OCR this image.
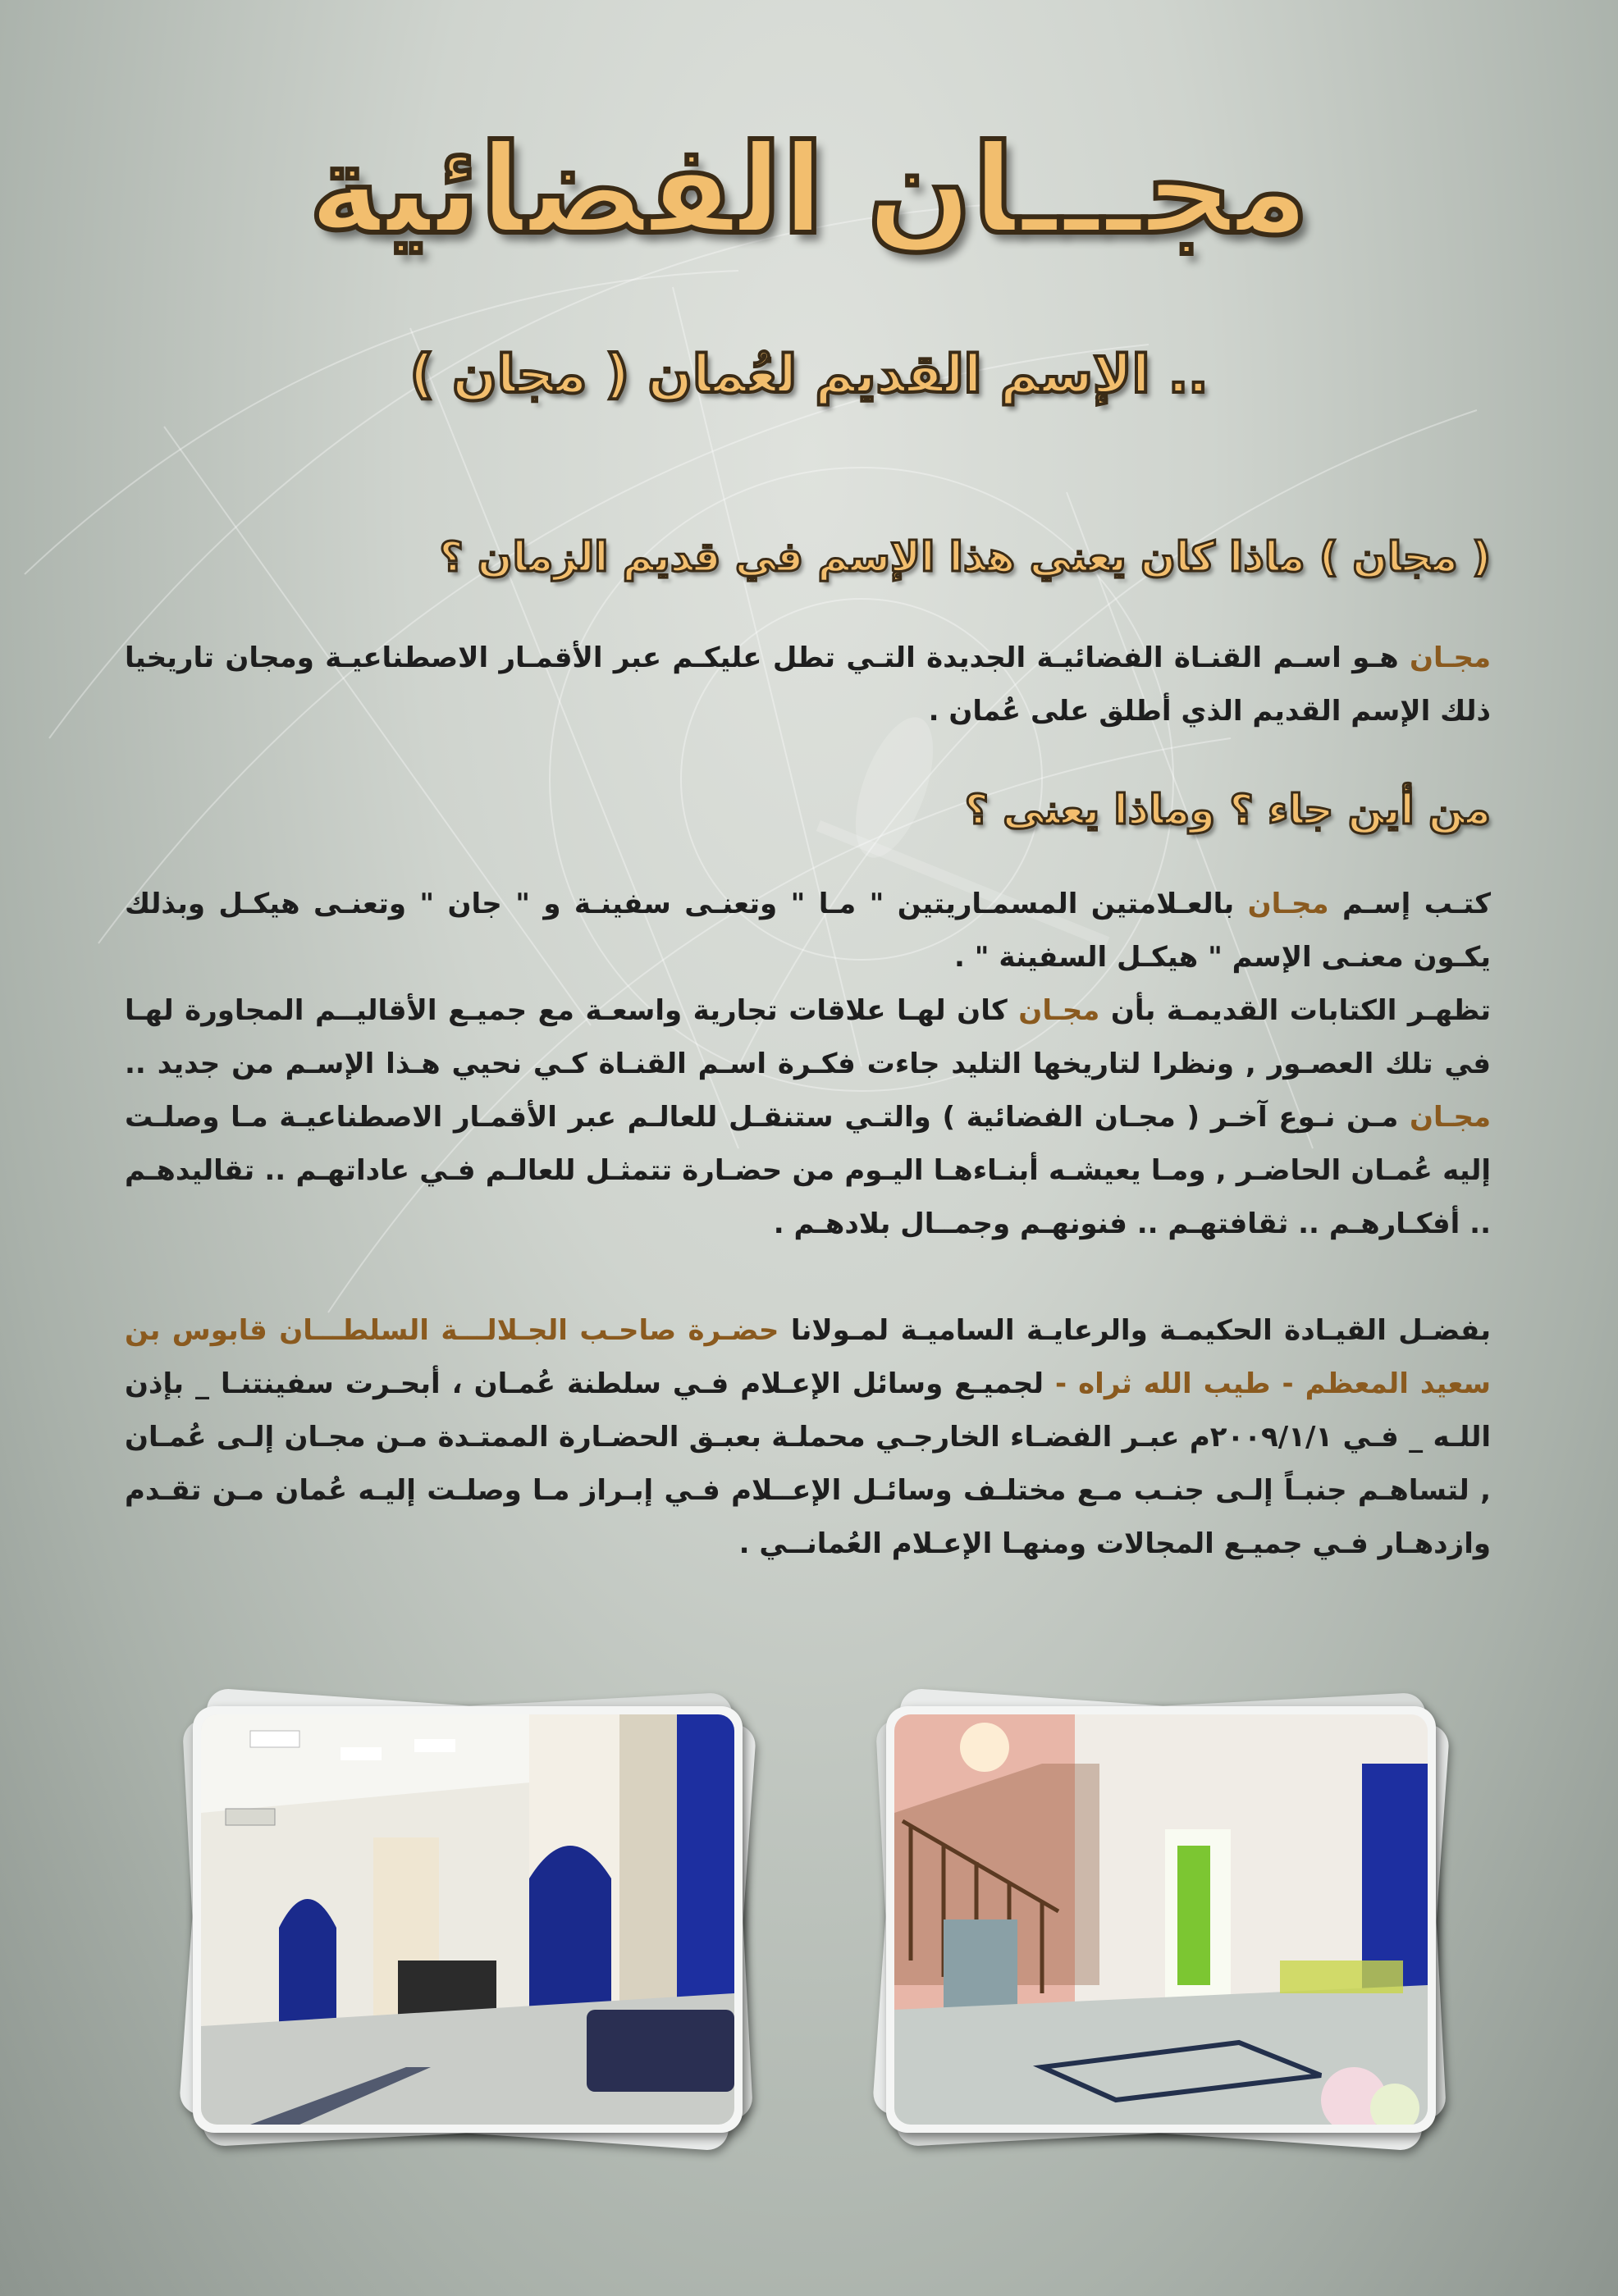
مجـــان الفضائية
( مجان ) الإسم القديم لعُمان ..
( مجان ) ماذا كان يعني هذا الإسم في قديم الزمان ؟
مجـان هـو اسـم القنـاة الفضائيـة الجديدة التـي تطل عليكـم عبر الأقمـار الاصطناعيـة ومجان تاريخيا ذلك الإسم القديم الذي أطلق على عُمان .
من أين جاء ؟ وماذا يعنى ؟
كتـب إسـم مجـان بالعـلامتين المسمـاريتين " مـا " وتعنـى سفينـة و " جان " وتعنـى هيكـل وبذلك يكـون معنـى الإسم " هيكـل السفينة " .
تظهـر الكتابات القديمـة بأن مجـان كان لهـا علاقات تجارية واسعـة مع جميـع الأقاليــم المجاورة لهـا في تلك العصـور , ونظرا لتاريخها التليد جاءت فكـرة اسـم القنـاة كـي نحيي هـذا الإسـم من جديد .. مجـان مـن نـوع آخـر ( مجـان الفضائية ) والتـي ستنقـل للعالـم عبر الأقمـار الاصطناعيـة مـا وصلـت إليه عُمـان الحاضـر , ومـا يعيشـه أبنـاءهـا اليـوم من حضـارة تتمثـل للعالـم فـي عاداتهـم .. تقاليدهـم .. أفكـارهـم .. ثقافتهـم .. فنونهـم وجمــال بلادهـم .
بفضـل القيـادة الحكيمـة والرعايـة الساميـة لمـولانا حضـرة صاحـب الجـلالـــة السلطـــان قابوس بن سعيد المعظم - طيب الله ثراه - لجميـع وسائل الإعـلام فـي سلطنة عُمـان ، أبحـرت سفينتنـا _ بإذن اللـه _ فـي ٢٠٠٩/١/١م عبـر الفضـاء الخارجـي محملـة بعبـق الحضـارة الممتـدة مـن مجـان إلـى عُمـان , لتساهـم جنبـاً إلـى جنـب مـع مختلـف وسائـل الإعــلام فـي إبـراز مـا وصلـت إليـه عُمان مـن تقـدم وازدهـار فـي جميـع المجالات ومنهـا الإعـلام العُمانــي .
